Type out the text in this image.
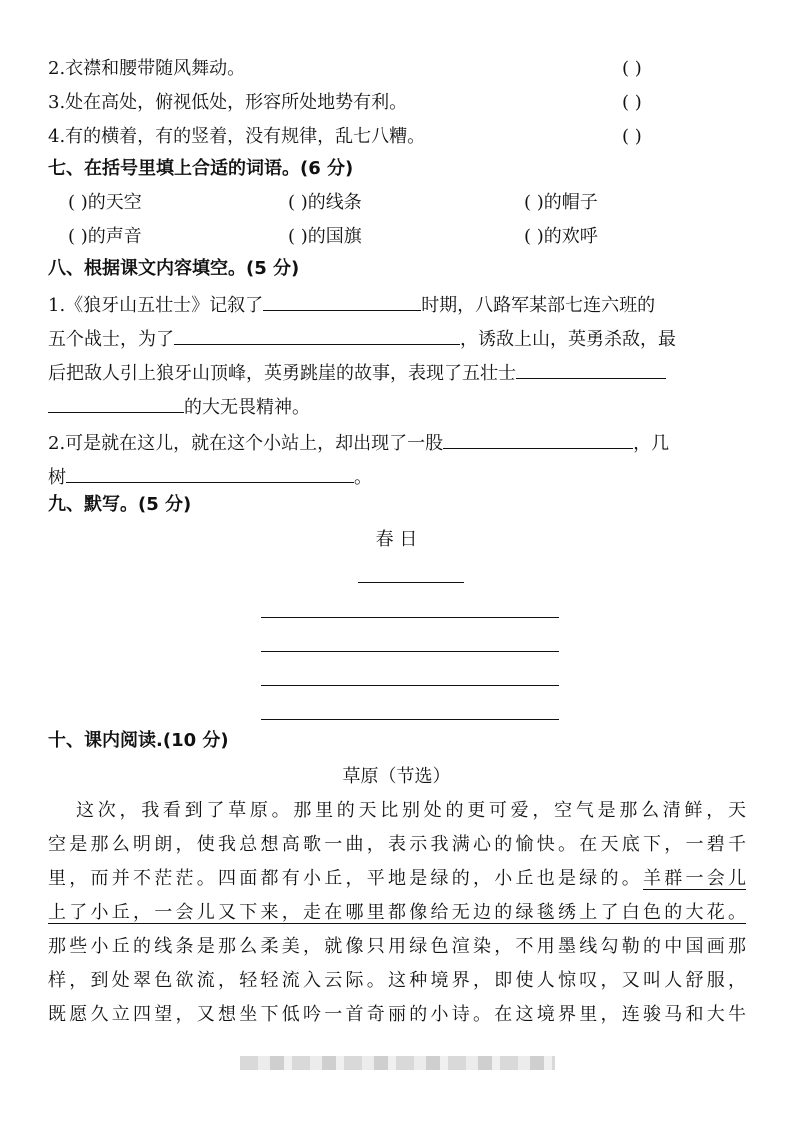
2.衣襟和腰带随风舞动。	( )
3.处在高处，俯视低处，形容所处地势有利。	( )
4.有的横着，有的竖着，没有规律，乱七八糟。	( )
七、在括号里填上合适的词语。(6 分)
( )的天空	( )的线条	( )的帽子
( )的声音	( )的国旗	( )的欢呼
八、根据课文内容填空。(5 分)
1.《狼牙山五壮士》记叙了	时期，八路军某部七连六班的
五个战士，为了	，诱敌上山，英勇杀敌，最
后把敌人引上狼牙山顶峰，英勇跳崖的故事，表现了五壮士
的大无畏精神。
2.可是就在这儿，就在这个小站上，却出现了一股	，几
树	。
九、默写。(5 分)
春 日
十、课内阅读.(10 分)
草原（节选）
这次，我看到了草原。那里的天比别处的更可爱，空气是那么清鲜，天
空是那么明朗，使我总想高歌一曲，表示我满心的愉快。在天底下，一碧千
里，而并不茫茫。四面都有小丘，平地是绿的，小丘也是绿的。羊群一会儿
上了小丘，一会儿又下来，走在哪里都像给无边的绿毯绣上了白色的大花。
那些小丘的线条是那么柔美，就像只用绿色渲染，不用墨线勾勒的中国画那
样，到处翠色欲流，轻轻流入云际。这种境界，即使人惊叹，又叫人舒服，
既愿久立四望，又想坐下低吟一首奇丽的小诗。在这境界里，连骏马和大牛
